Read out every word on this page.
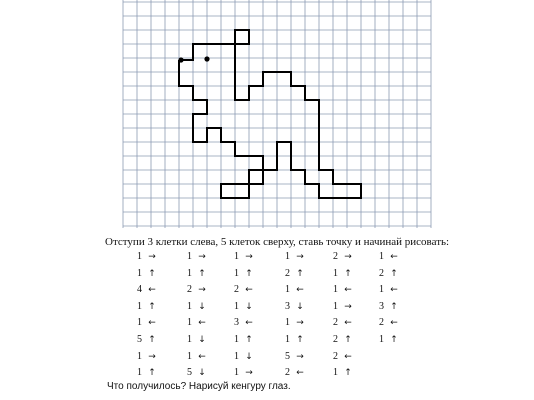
Отступи 3 клетки слева, 5 клеток сверху, ставь точку и начинай рисовать:
1 →
1 ↑
4 ←
1 ↑
1 ←
5 ↑
1 →
1 ↑
1 →
1 ↑
2 →
1 ↓
1 ←
1 ↓
1 ←
5 ↓
1 →
1 ↑
2 ←
1 ↓
3 ←
1 ↑
1 ↓
1 →
1 →
2 ↑
1 ←
3 ↓
1 →
1 ↑
5 →
2 ←
2 →
1 ↑
1 ←
1 →
2 ←
2 ↑
2 ←
1 ↑
1 ←
2 ↑
1 ←
3 ↑
2 ←
1 ↑
Что получилось? Нарисуй кенгуру глаз.
